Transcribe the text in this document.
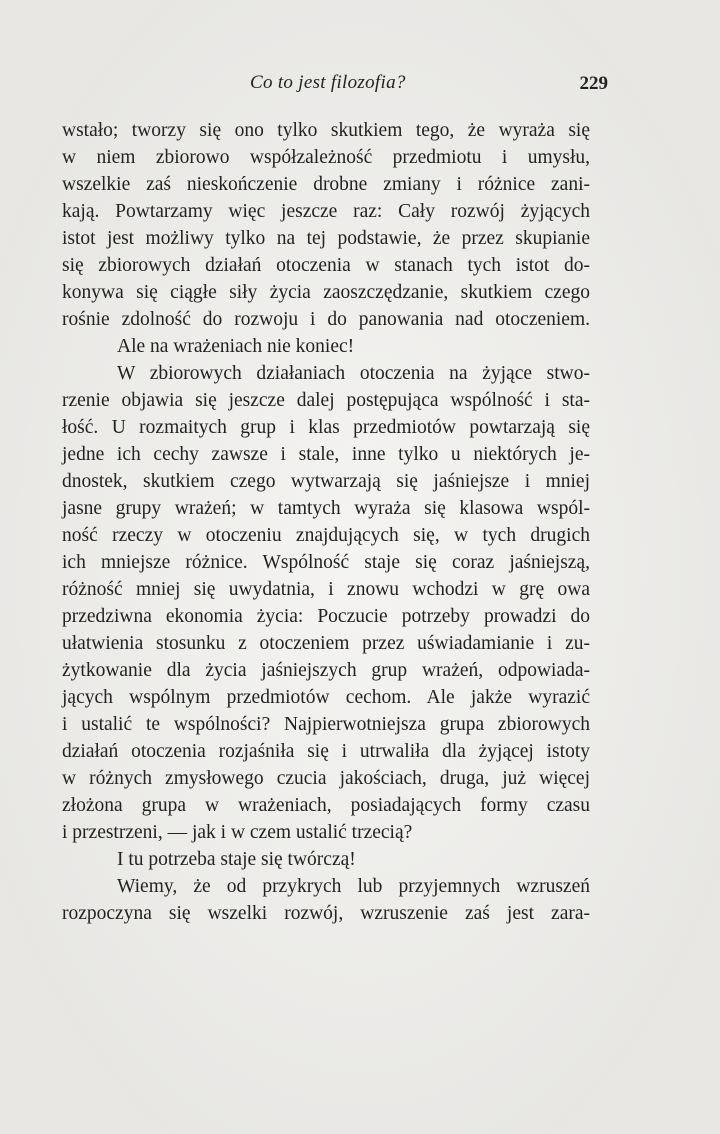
Co to jest filozofia?	229
wstało; tworzy się ono tylko skutkiem tego, że wyraża się
w niem zbiorowo współzależność przedmiotu i umysłu,
wszelkie zaś nieskończenie drobne zmiany i różnice zani-
kają. Powtarzamy więc jeszcze raz: Cały rozwój żyjących
istot jest możliwy tylko na tej podstawie, że przez skupianie
się zbiorowych działań otoczenia w stanach tych istot do-
konywa się ciągłe siły życia zaoszczędzanie, skutkiem czego
rośnie zdolność do rozwoju i do panowania nad otoczeniem.
Ale na wrażeniach nie koniec!
W zbiorowych działaniach otoczenia na żyjące stwo-
rzenie objawia się jeszcze dalej postępująca wspólność i sta-
łość. U rozmaitych grup i klas przedmiotów powtarzają się
jedne ich cechy zawsze i stale, inne tylko u niektórych je-
dnostek, skutkiem czego wytwarzają się jaśniejsze i mniej
jasne grupy wrażeń; w tamtych wyraża się klasowa wspól-
ność rzeczy w otoczeniu znajdujących się, w tych drugich
ich mniejsze różnice. Wspólność staje się coraz jaśniejszą,
różność mniej się uwydatnia, i znowu wchodzi w grę owa
przedziwna ekonomia życia: Poczucie potrzeby prowadzi do
ułatwienia stosunku z otoczeniem przez uświadamianie i zu-
żytkowanie dla życia jaśniejszych grup wrażeń, odpowiada-
jących wspólnym przedmiotów cechom. Ale jakże wyrazić
i ustalić te wspólności? Najpierwotniejsza grupa zbiorowych
działań otoczenia rozjaśniła się i utrwaliła dla żyjącej istoty
w różnych zmysłowego czucia jakościach, druga, już więcej
złożona grupa w wrażeniach, posiadających formy czasu
i przestrzeni, — jak i w czem ustalić trzecią?
I tu potrzeba staje się twórczą!
Wiemy, że od przykrych lub przyjemnych wzruszeń
rozpoczyna się wszelki rozwój, wzruszenie zaś jest zara-
